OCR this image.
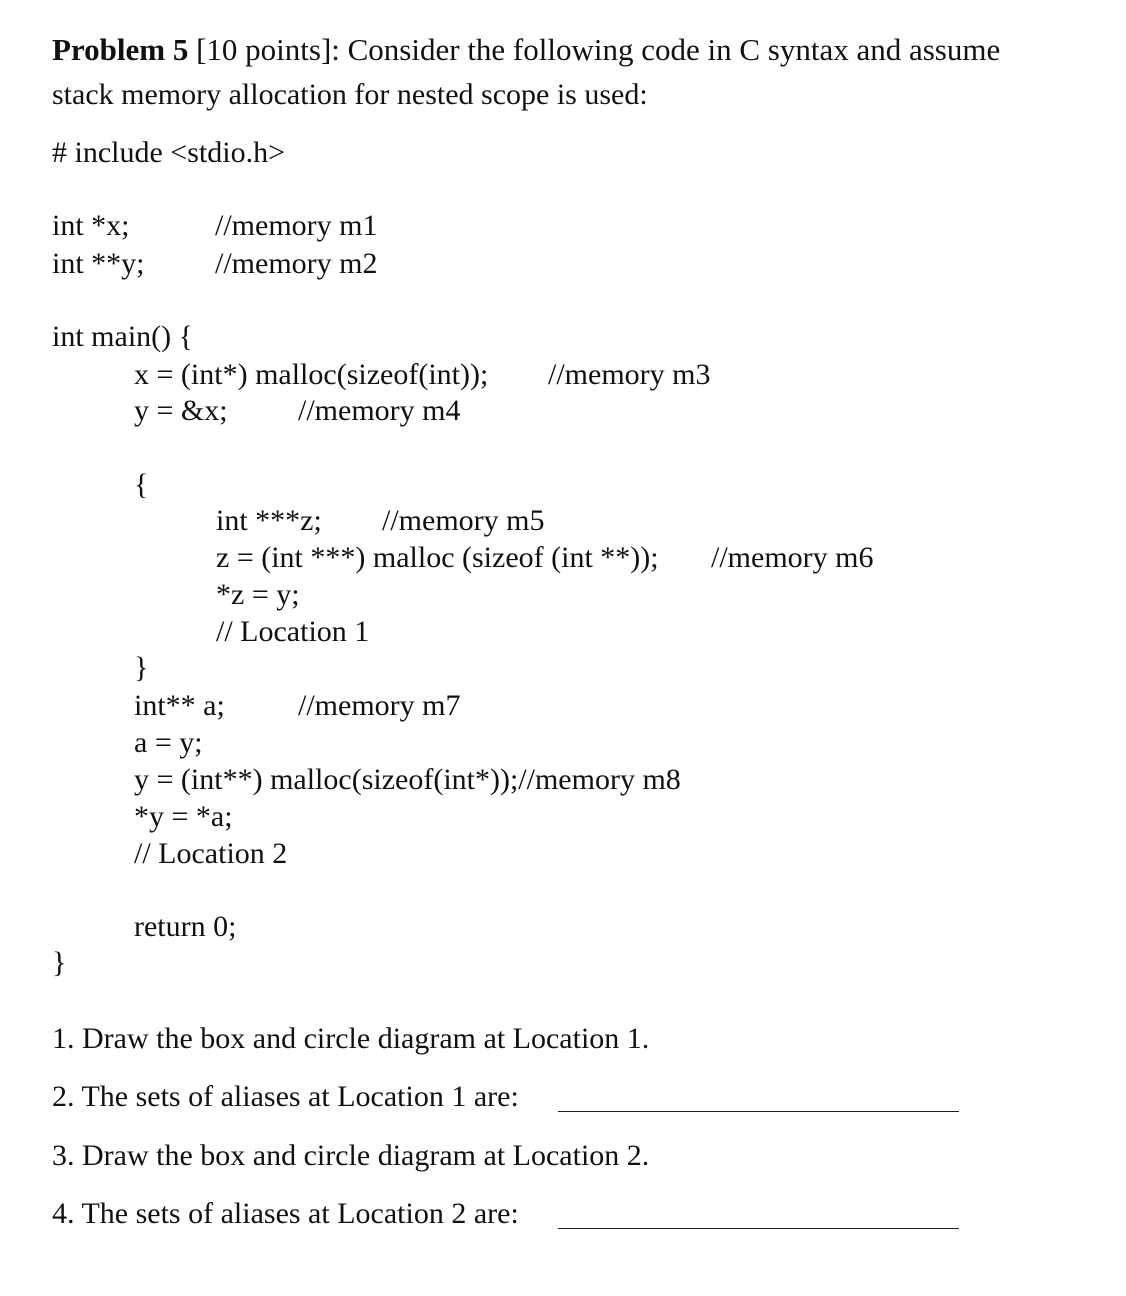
Problem 5 [10 points]: Consider the following code in C syntax and assume
stack memory allocation for nested scope is used:
# include <stdio.h>
int *x;	//memory m1
int **y; //memory m2
int main() {
x = (int*) malloc(sizeof(int)); //memory m3
y = &x; //memory m4
{
int ***z; //memory m5
z = (int ***) malloc (sizeof (int **)); //memory m6
*z = y;
// Location 1
}
int** a; //memory m7
a = y;
y = (int**) malloc(sizeof(int*));//memory m8
*y = *a;
// Location 2
return 0;
}
1. Draw the box and circle diagram at Location 1.
2. The sets of aliases at Location 1 are:
3. Draw the box and circle diagram at Location 2.
4. The sets of aliases at Location 2 are:
